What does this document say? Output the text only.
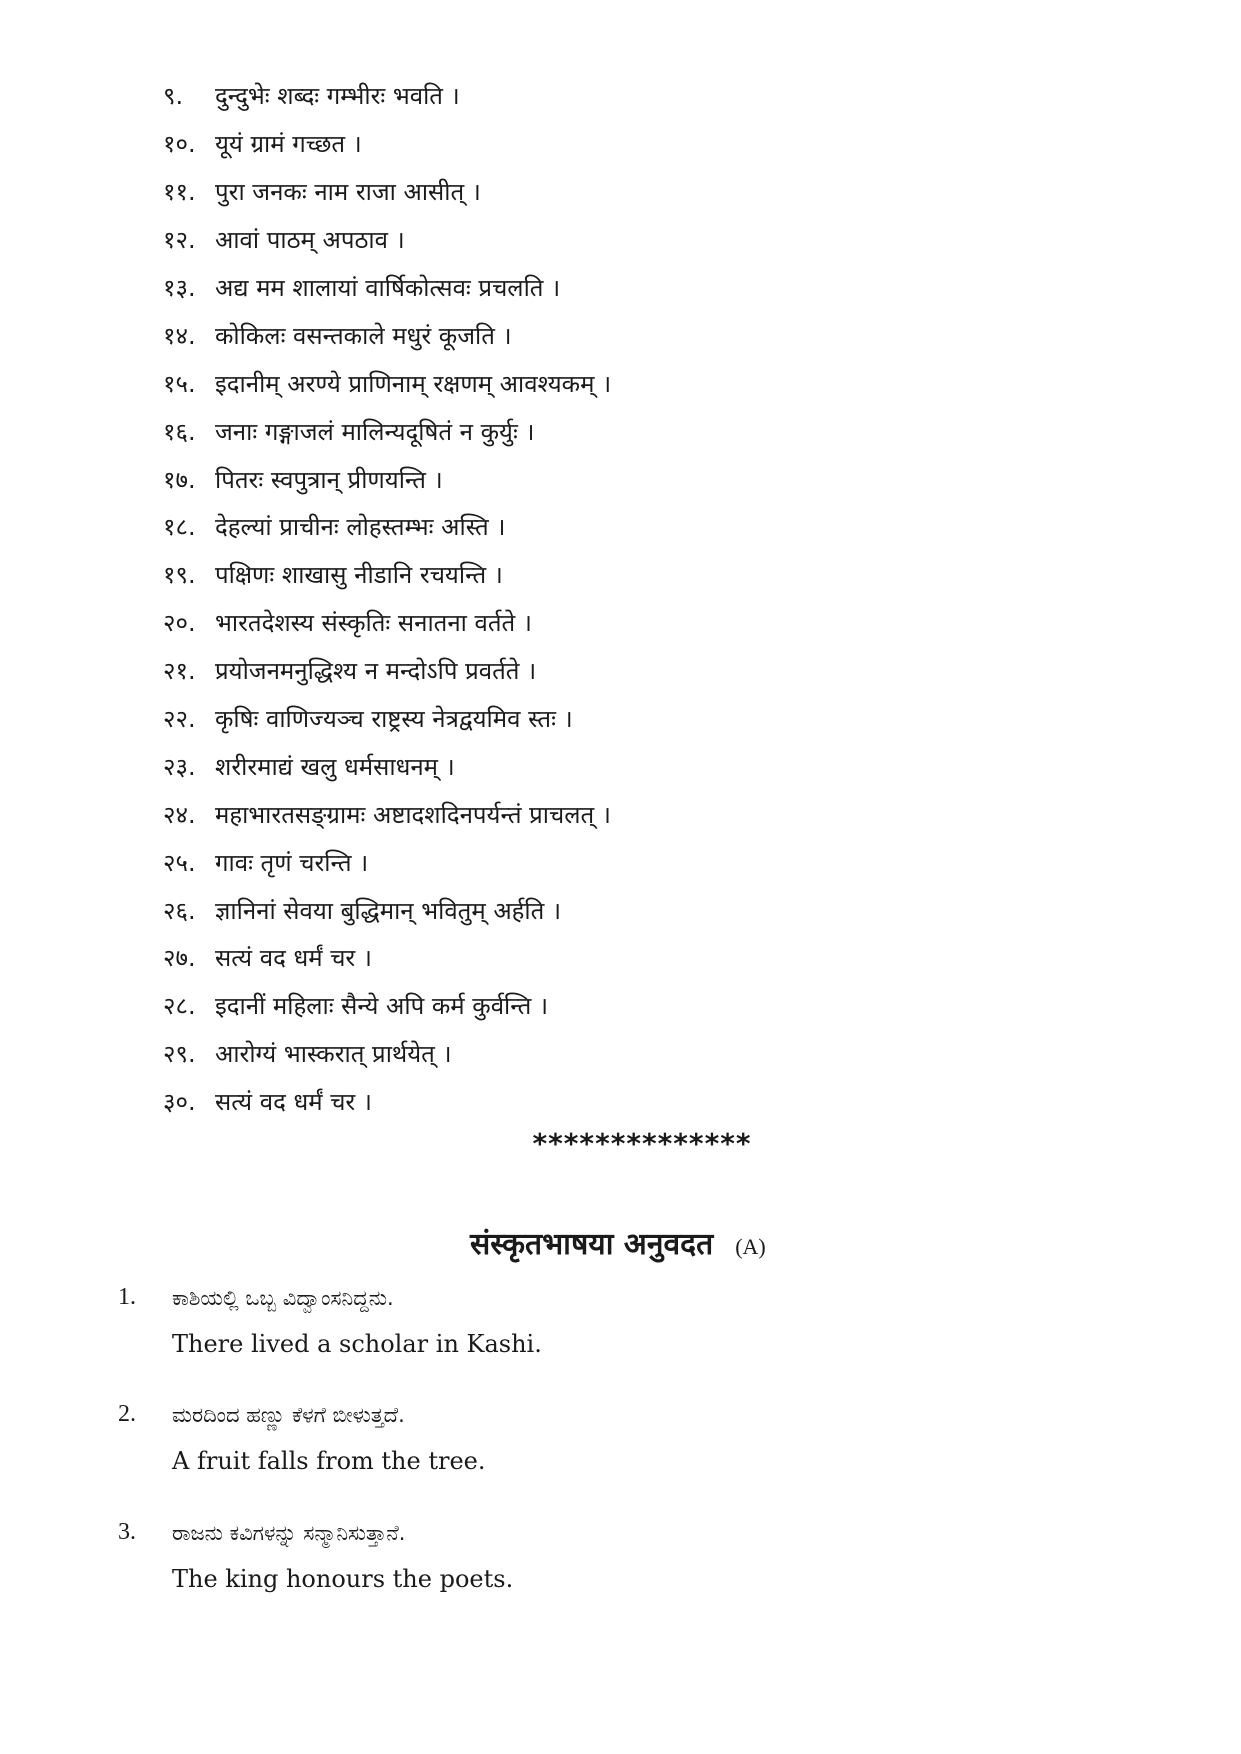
९.	दुन्दुभेः शब्दः गम्भीरः भवति ।
१०. यूयं ग्रामं गच्छत ।
११. पुरा जनकः नाम राजा आसीत् ।
१२. आवां पाठम् अपठाव ।
१३. अद्य मम शालायां वार्षिकोत्सवः प्रचलति ।
१४. कोकिलः वसन्तकाले मधुरं कूजति ।
१५. इदानीम् अरण्ये प्राणिनाम् रक्षणम् आवश्यकम् ।
१६. जनाः गङ्गाजलं मालिन्यदूषितं न कुर्युः ।
१७. पितरः स्वपुत्रान् प्रीणयन्ति ।
१८. देहल्यां प्राचीनः लोहस्तम्भः अस्ति ।
१९. पक्षिणः शाखासु नीडानि रचयन्ति ।
२०. भारतदेशस्य संस्कृतिः सनातना वर्तते ।
२१. प्रयोजनमनुद्धिश्य न मन्दोऽपि प्रवर्तते ।
२२. कृषिः वाणिज्यञ्च राष्ट्रस्य नेत्रद्वयमिव स्तः ।
२३. शरीरमाद्यं खलु धर्मसाधनम् ।
२४. महाभारतसङ्ग्रामः अष्टादशदिनपर्यन्तं प्राचलत् ।
२५. गावः तृणं चरन्ति ।
२६. ज्ञानिनां सेवया बुद्धिमान् भवितुम् अर्हति ।
२७. सत्यं वद धर्मं चर ।
२८. इदानीं महिलाः सैन्ये अपि कर्म कुर्वन्ति ।
२९. आरोग्यं भास्करात् प्रार्थयेत् ।
३०. सत्यं वद धर्मं चर ।
**************
संस्कृतभाषया अनुवदत (A)
1. ಕಾಶಿಯಲ್ಲಿ ಒಬ್ಬ ವಿದ್ವಾಂಸನಿದ್ದನು.
There lived a scholar in Kashi.
2. ಮರದಿಂದ ಹಣ್ಣು ಕೆಳಗೆ ಬೀಳುತ್ತದೆ.
A fruit falls from the tree.
3. ರಾಜನು ಕವಿಗಳನ್ನು ಸನ್ಮಾನಿಸುತ್ತಾನೆ.
The king honours the poets.
